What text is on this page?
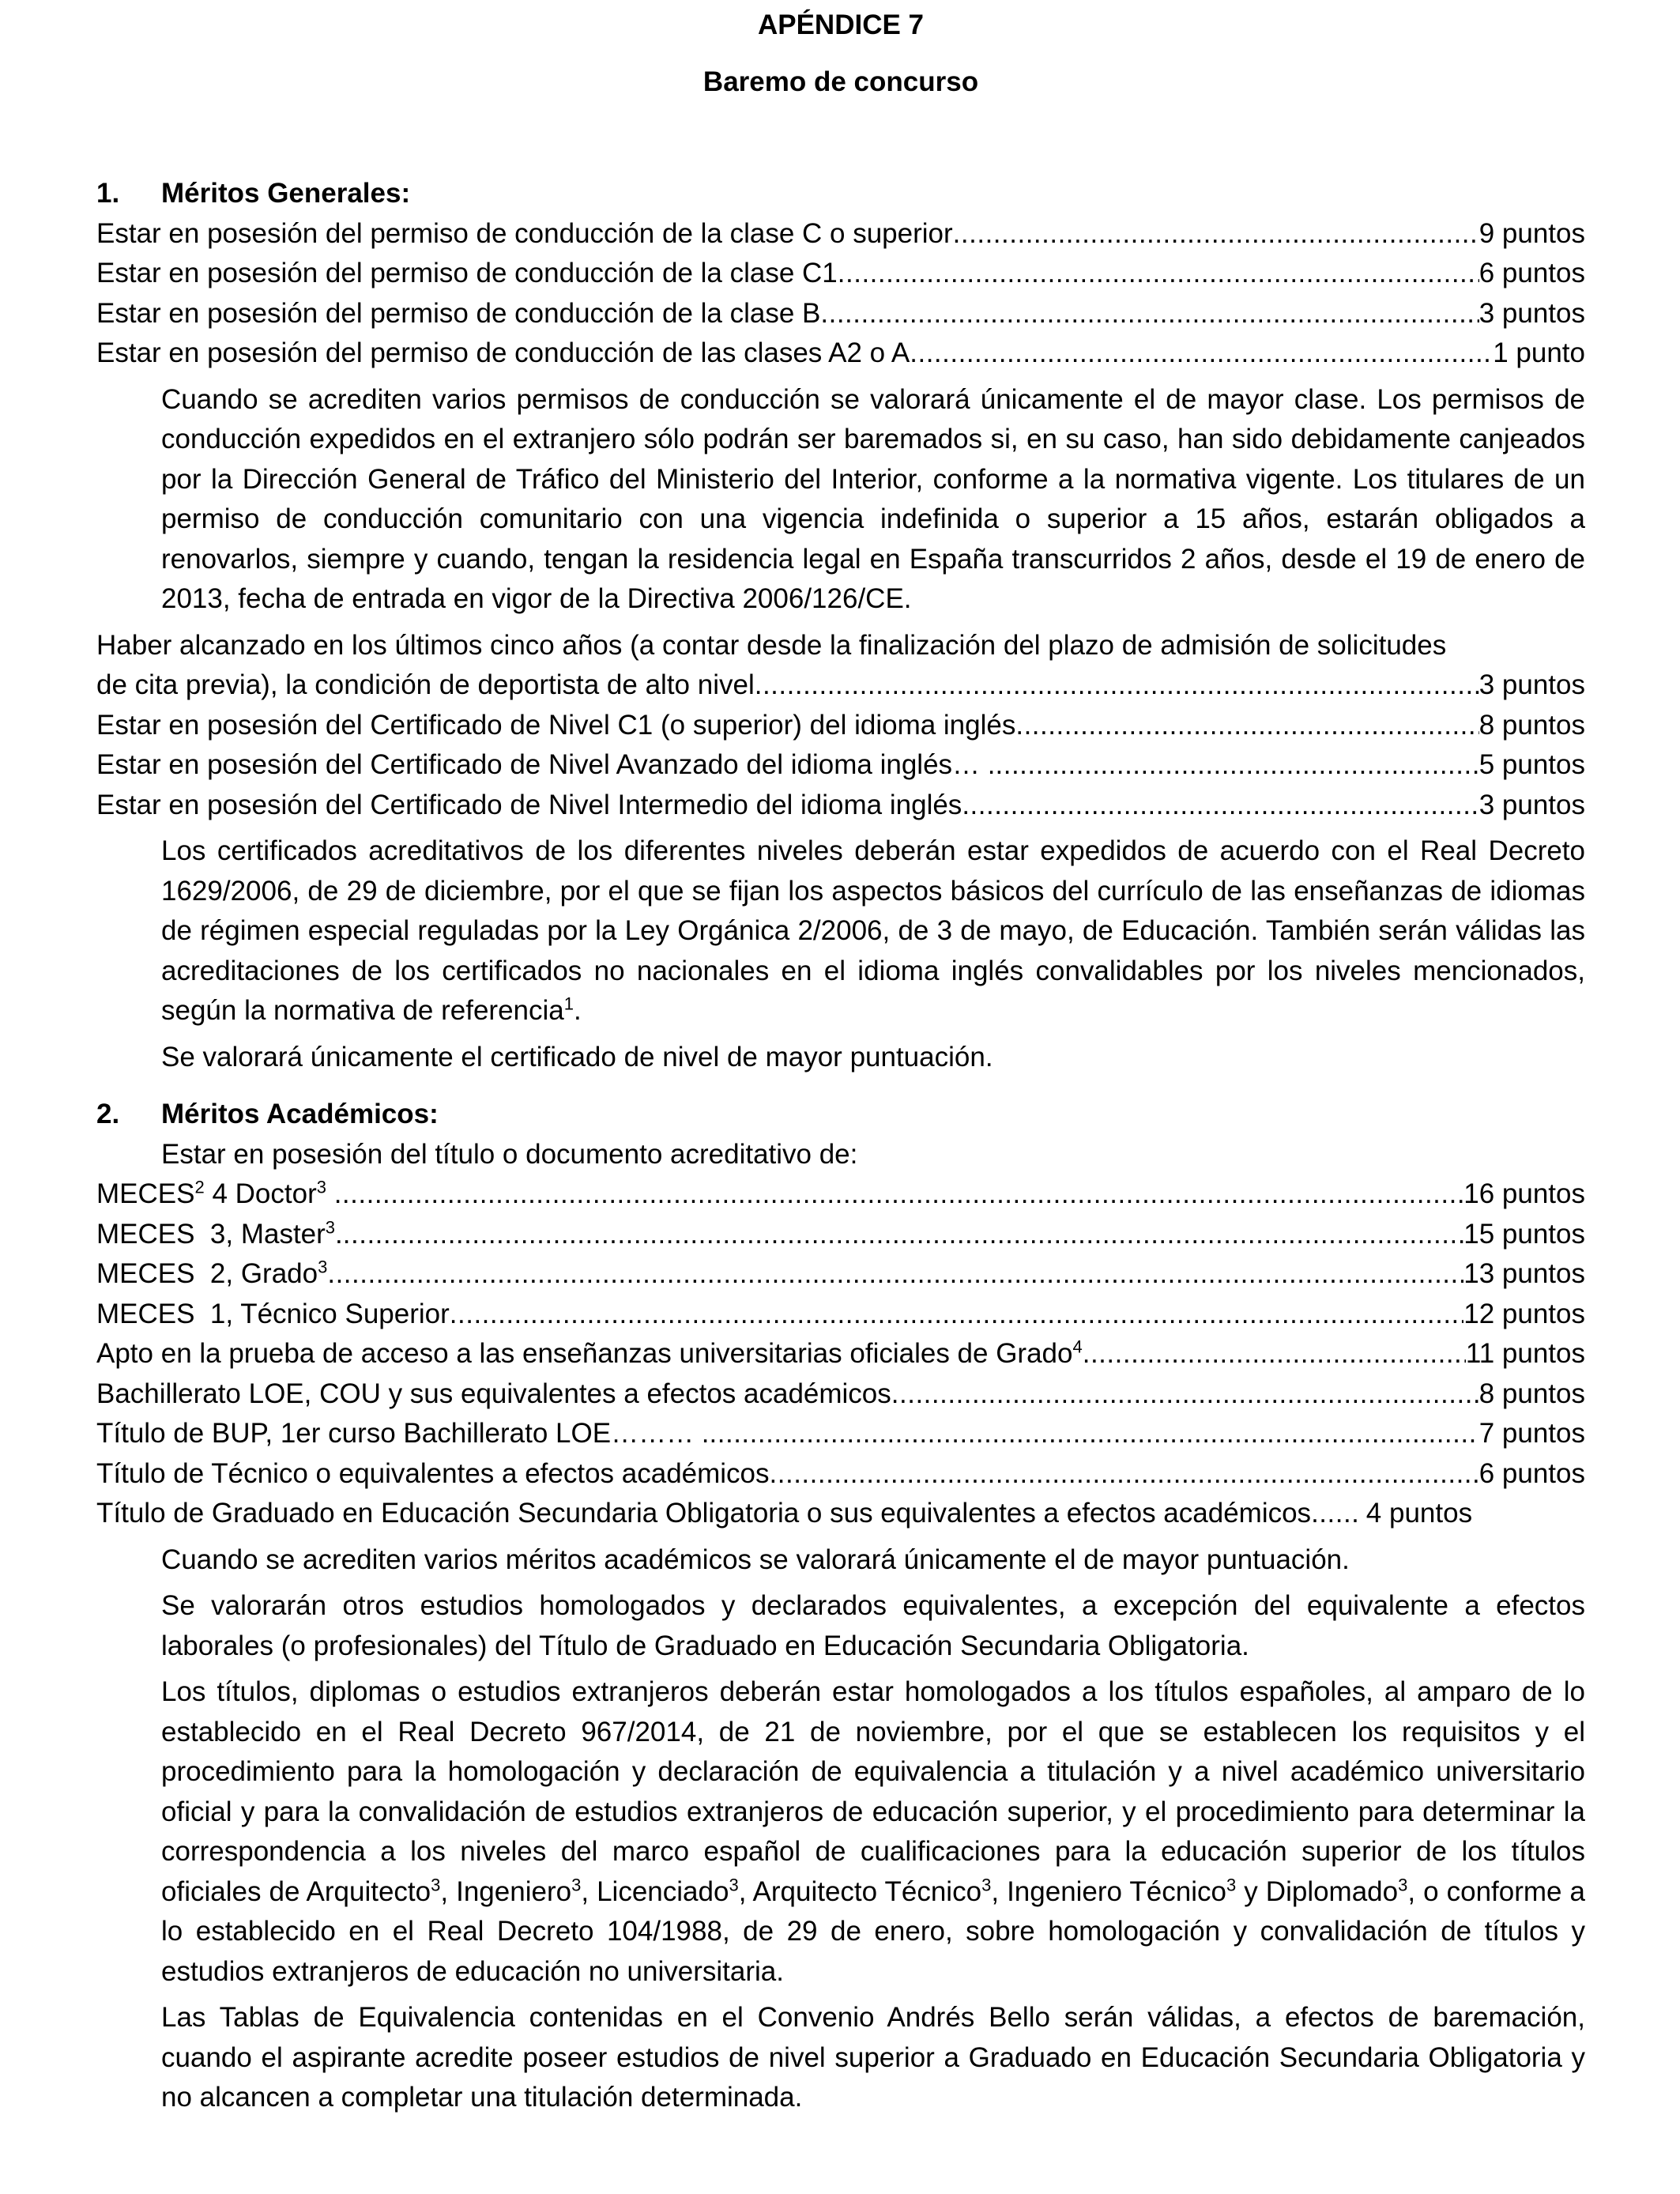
APÉNDICE 7

Baremo de concurso

1.	Méritos Generales:
Estar en posesión del permiso de conducción de la clase C o superior .....	9 puntos
Estar en posesión del permiso de conducción de la clase C1 .....	6 puntos
Estar en posesión del permiso de conducción de la clase B .....	3 puntos
Estar en posesión del permiso de conducción de las clases A2 o A .....	1 punto

Cuando se acrediten varios permisos de conducción se valorará únicamente el de mayor clase. Los permisos de conducción expedidos en el extranjero sólo podrán ser baremados si, en su caso, han sido debidamente canjeados por la Dirección General de Tráfico del Ministerio del Interior, conforme a la normativa vigente. Los titulares de un permiso de conducción comunitario con una vigencia indefinida o superior a 15 años, estarán obligados a renovarlos, siempre y cuando, tengan la residencia legal en España transcurridos 2 años, desde el 19 de enero de 2013, fecha de entrada en vigor de la Directiva 2006/126/CE.

Haber alcanzado en los últimos cinco años (a contar desde la finalización del plazo de admisión de solicitudes
de cita previa), la condición de deportista de alto nivel .....	3 puntos
Estar en posesión del Certificado de Nivel C1 (o superior) del idioma inglés .....	8 puntos
Estar en posesión del Certificado de Nivel Avanzado del idioma inglés… . .....	5 puntos
Estar en posesión del Certificado de Nivel Intermedio del idioma inglés .....	3 puntos

Los certificados acreditativos de los diferentes niveles deberán estar expedidos de acuerdo con el Real Decreto 1629/2006, de 29 de diciembre, por el que se fijan los aspectos básicos del currículo de las enseñanzas de idiomas de régimen especial reguladas por la Ley Orgánica 2/2006, de 3 de mayo, de Educación. También serán válidas las acreditaciones de los certificados no nacionales en el idioma inglés convalidables por los niveles mencionados, según la normativa de referencia$^1$.

Se valorará únicamente el certificado de nivel de mayor puntuación.

2.	Méritos Académicos:
Estar en posesión del título o documento acreditativo de:
MECES$^2$ 4 Doctor$^3$ .....	16 puntos
MECES  3, Master$^3$. .....	15 puntos
MECES  2, Grado$^3$ .....	13 puntos
MECES  1, Técnico Superior .....	12 puntos
Apto en la prueba de acceso a las enseñanzas universitarias oficiales de Grado$^4$ .....	11 puntos
Bachillerato LOE, COU y sus equivalentes a efectos académicos .....	8 puntos
Título de BUP, 1er curso Bachillerato LOE……… . .....	7 puntos
Título de Técnico o equivalentes a efectos académicos .....	6 puntos
Título de Graduado en Educación Secundaria Obligatoria o sus equivalentes a efectos académicos ..... 4 puntos

Cuando se acrediten varios méritos académicos se valorará únicamente el de mayor puntuación.

Se valorarán otros estudios homologados y declarados equivalentes, a excepción del equivalente a efectos laborales (o profesionales) del Título de Graduado en Educación Secundaria Obligatoria.

Los títulos, diplomas o estudios extranjeros deberán estar homologados a los títulos españoles, al amparo de lo establecido en el Real Decreto 967/2014, de 21 de noviembre, por el que se establecen los requisitos y el procedimiento para la homologación y declaración de equivalencia a titulación y a nivel académico universitario oficial y para la convalidación de estudios extranjeros de educación superior, y el procedimiento para determinar la correspondencia a los niveles del marco español de cualificaciones para la educación superior de los títulos oficiales de Arquitecto$^3$, Ingeniero$^3$, Licenciado$^3$, Arquitecto Técnico$^3$, Ingeniero Técnico$^3$ y Diplomado$^3$, o conforme a lo establecido en el Real Decreto 104/1988, de 29 de enero, sobre homologación y convalidación de títulos y estudios extranjeros de educación no universitaria.

Las Tablas de Equivalencia contenidas en el Convenio Andrés Bello serán válidas, a efectos de baremación, cuando el aspirante acredite poseer estudios de nivel superior a Graduado en Educación Secundaria Obligatoria y no alcancen a completar una titulación determinada.
